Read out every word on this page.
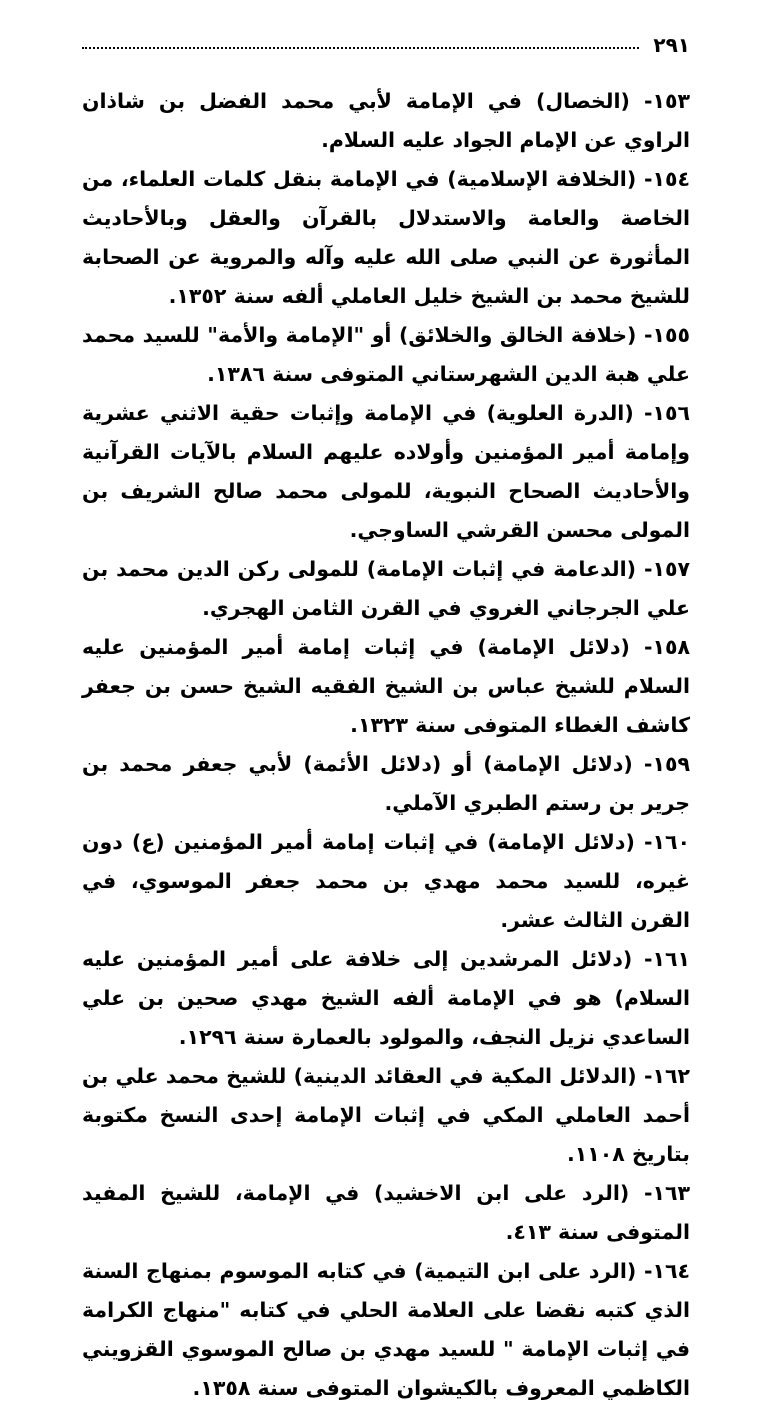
٢٩١

١٥٣- (الخصال) في الإمامة لأبي محمد الفضل بن شاذان الراوي عن الإمام الجواد عليه السلام.

١٥٤- (الخلافة الإسلامية) في الإمامة بنقل كلمات العلماء، من الخاصة والعامة والاستدلال بالقرآن والعقل وبالأحاديث المأثورة عن النبي صلى الله عليه وآله والمروية عن الصحابة للشيخ محمد بن الشيخ خليل العاملي ألفه سنة ١٣٥٢.

١٥٥- (خلافة الخالق والخلائق) أو "الإمامة والأمة" للسيد محمد علي هبة الدين الشهرستاني المتوفى سنة ١٣٨٦.

١٥٦- (الدرة العلوية) في الإمامة وإثبات حقية الاثني عشرية وإمامة أمير المؤمنين وأولاده عليهم السلام بالآيات القرآنية والأحاديث الصحاح النبوية، للمولى محمد صالح الشريف بن المولى محسن القرشي الساوجي.

١٥٧- (الدعامة في إثبات الإمامة) للمولى ركن الدين محمد بن علي الجرجاني الغروي في القرن الثامن الهجري.

١٥٨- (دلائل الإمامة) في إثبات إمامة أمير المؤمنين عليه السلام للشيخ عباس بن الشيخ الفقيه الشيخ حسن بن جعفر كاشف الغطاء المتوفى سنة ١٣٢٣.

١٥٩- (دلائل الإمامة) أو (دلائل الأئمة) لأبي جعفر محمد بن جرير بن رستم الطبري الآملي.

١٦٠- (دلائل الإمامة) في إثبات إمامة أمير المؤمنين (ع) دون غيره، للسيد محمد مهدي بن محمد جعفر الموسوي، في القرن الثالث عشر.

١٦١- (دلائل المرشدين إلى خلافة على أمير المؤمنين عليه السلام) هو في الإمامة ألفه الشيخ مهدي صحين بن علي الساعدي نزيل النجف، والمولود بالعمارة سنة ١٢٩٦.

١٦٢- (الدلائل المكية في العقائد الدينية) للشيخ محمد علي بن أحمد العاملي المكي في إثبات الإمامة إحدى النسخ مكتوبة بتاريخ ١١٠٨.

١٦٣- (الرد على ابن الاخشيد) في الإمامة، للشيخ المفيد المتوفى سنة ٤١٣.

١٦٤- (الرد على ابن التيمية) في كتابه الموسوم بمنهاج السنة الذي كتبه نقضا على العلامة الحلي في كتابه "منهاج الكرامة في إثبات الإمامة " للسيد مهدي بن صالح الموسوي القزويني الكاظمي المعروف بالكيشوان المتوفى سنة ١٣٥٨.
